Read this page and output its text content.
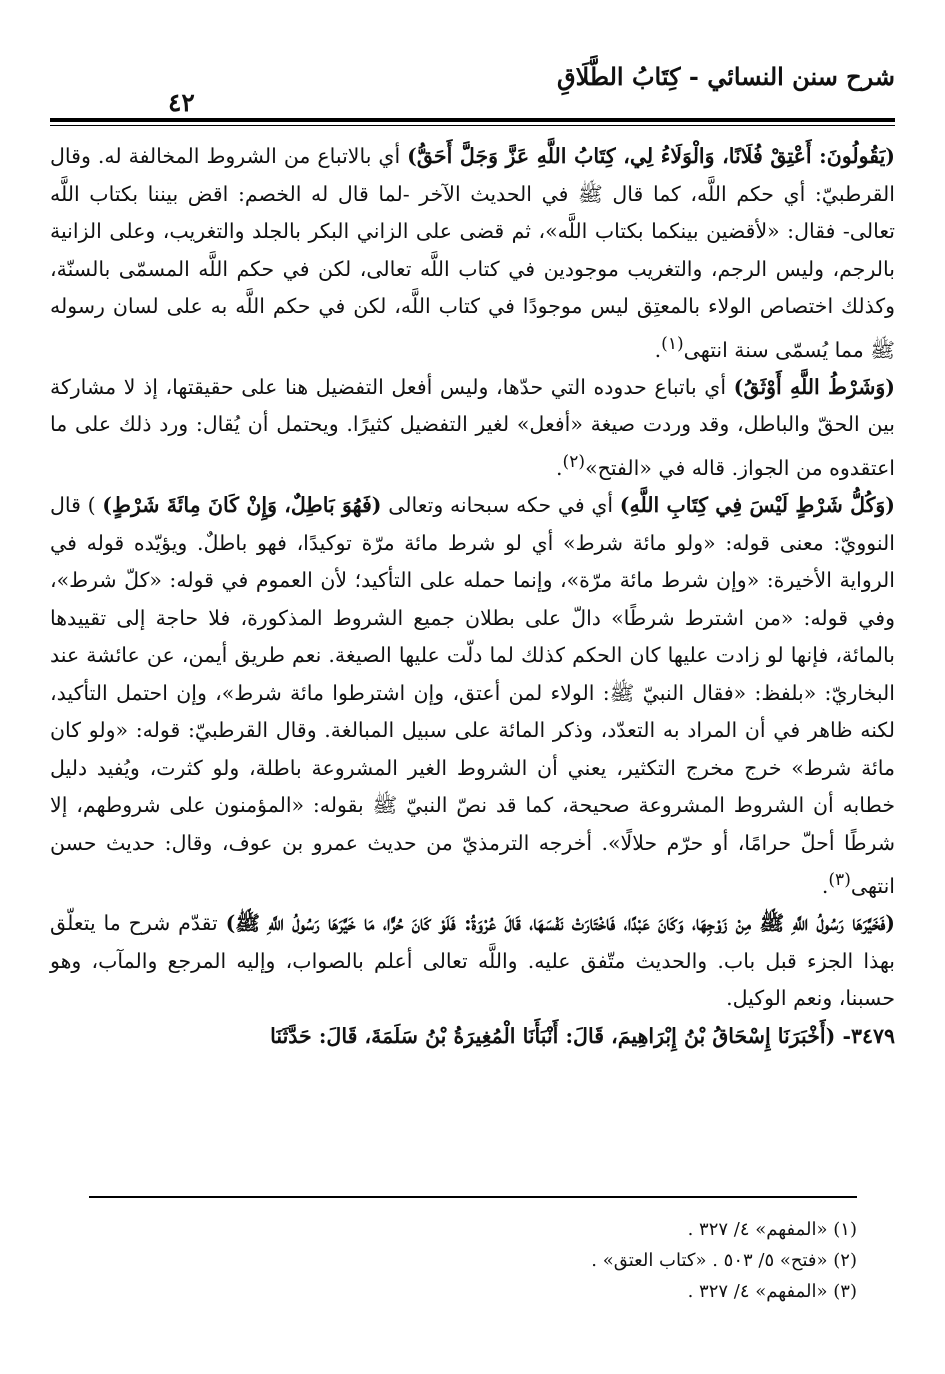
شرح سنن النسائي - كِتَابُ الطَّلَاقِ
٤٢

(يَقُولُونَ: أَعْتِقْ فُلَانًا، وَالْوَلَاءُ لِي، كِتَابُ اللَّهِ عَزَّ وَجَلَّ أَحَقُّ) أي بالاتباع من الشروط المخالفة له. وقال القرطبيّ: أي حكم اللَّه، كما قال ﷺ في الحديث الآخر -لما قال له الخصم: اقض بيننا بكتاب اللَّه تعالى- فقال: «لأقضين بينكما بكتاب اللَّه»، ثم قضى على الزاني البكر بالجلد والتغريب، وعلى الزانية بالرجم، وليس الرجم، والتغريب موجودين في كتاب اللَّه تعالى، لكن في حكم اللَّه المسمّى بالسنّة، وكذلك اختصاص الولاء بالمعتِق ليس موجودًا في كتاب اللَّه، لكن في حكم اللَّه به على لسان رسوله ﷺ مما يُسمّى سنة انتهى$^{(١)}$.

(وَشَرْطُ اللَّهِ أَوْثَقُ) أي باتباع حدوده التي حدّها، وليس أفعل التفضيل هنا على حقيقتها، إذ لا مشاركة بين الحقّ والباطل، وقد وردت صيغة «أفعل» لغير التفضيل كثيرًا. ويحتمل أن يُقال: ورد ذلك على ما اعتقدوه من الجواز. قاله في «الفتح»$^{(٢)}$.

(وَكُلُّ شَرْطٍ لَيْسَ فِي كِتَابِ اللَّهِ) أي في حكه سبحانه وتعالى (فَهُوَ بَاطِلٌ، وَإِنْ كَانَ مِائَةَ شَرْطٍ) ) قال النوويّ: معنى قوله: «ولو مائة شرط» أي لو شرط مائة مرّة توكيدًا، فهو باطلٌ. ويؤيّده قوله في الرواية الأخيرة: «وإن شرط مائة مرّة»، وإنما حمله على التأكيد؛ لأن العموم في قوله: «كلّ شرط»، وفي قوله: «من اشترط شرطًا» دالّ على بطلان جميع الشروط المذكورة، فلا حاجة إلى تقييدها بالمائة، فإنها لو زادت عليها كان الحكم كذلك لما دلّت عليها الصيغة. نعم طريق أيمن، عن عائشة عند البخاريّ: «بلفظ: «فقال النبيّ ﷺ: الولاء لمن أعتق، وإن اشترطوا مائة شرط»، وإن احتمل التأكيد، لكنه ظاهر في أن المراد به التعدّد، وذكر المائة على سبيل المبالغة. وقال القرطبيّ: قوله: «ولو كان مائة شرط» خرج مخرج التكثير، يعني أن الشروط الغير المشروعة باطلة، ولو كثرت، ويُفيد دليل خطابه أن الشروط المشروعة صحيحة، كما قد نصّ النبيّ ﷺ بقوله: «المؤمنون على شروطهم، إلا شرطًا أحلّ حرامًا، أو حرّم حلالًا». أخرجه الترمذيّ من حديث عمرو بن عوف، وقال: حديث حسن انتهى$^{(٣)}$.

(فَخَيَّرَهَا رَسُولُ اللَّهِ ﷺ مِنْ زَوْجِهَا، وَكَانَ عَبْدًا، فَاخْتَارَتْ نَفْسَهَا، قَالَ عُرْوَةُ: فَلَوْ كَانَ حُرًّا، مَا خَيَّرَهَا رَسُولُ اللَّهِ ﷺ) تقدّم شرح ما يتعلّق بهذا الجزء قبل باب. والحديث متّفق عليه. واللَّه تعالى أعلم بالصواب، وإليه المرجع والمآب، وهو حسبنا، ونعم الوكيل.

٣٤٧٩- (أَخْبَرَنَا إِسْحَاقُ بْنُ إِبْرَاهِيمَ، قَالَ: أَنْبَأَنَا الْمُغِيرَةُ بْنُ سَلَمَةَ، قَالَ: حَدَّثَنَا

(١) «المفهم» ٤/ ٣٢٧ .
(٢) «فتح» ٥/ ٥٠٣ . «كتاب العتق» .
(٣) «المفهم» ٤/ ٣٢٧ .
